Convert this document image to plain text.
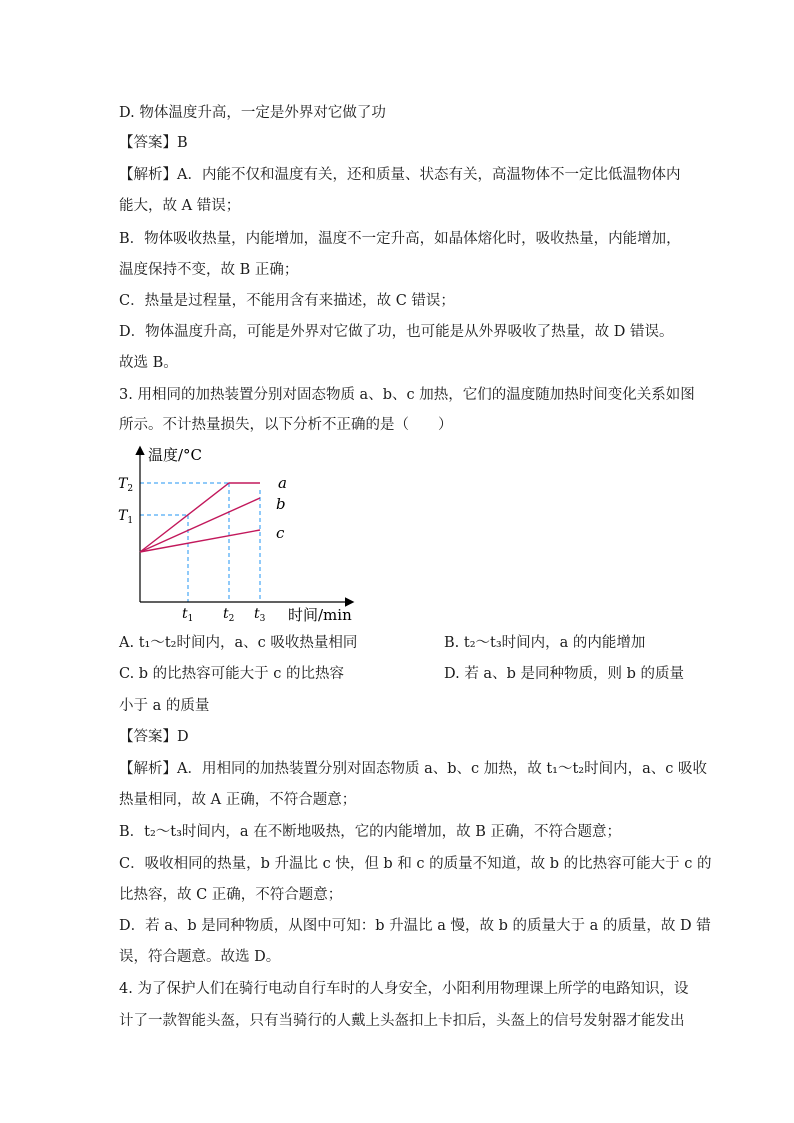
D. 物体温度升高，一定是外界对它做了功
【答案】B
【解析】A．内能不仅和温度有关，还和质量、状态有关，高温物体不一定比低温物体内
能大，故 A 错误；
B．物体吸收热量，内能增加，温度不一定升高，如晶体熔化时，吸收热量，内能增加，
温度保持不变，故 B 正确；
C．热量是过程量，不能用含有来描述，故 C 错误；
D．物体温度升高，可能是外界对它做了功，也可能是从外界吸收了热量，故 D 错误。
故选 B。
3. 用相同的加热装置分别对固态物质 a、b、c 加热，它们的温度随加热时间变化关系如图
所示。不计热量损失，以下分析不正确的是（　　）
a
b
c
温度/°C
时间/min
$t_1$ $t_2$ $t_3$
$T_1$
$T_2$
A. t₁～t₂时间内，a、c 吸收热量相同	B. t₂～t₃时间内，a 的内能增加
C. b 的比热容可能大于 c 的比热容	D. 若 a、b 是同种物质，则 b 的质量
小于 a 的质量
【答案】D
【解析】A．用相同的加热装置分别对固态物质 a、b、c 加热，故 t₁～t₂时间内，a、c 吸收
热量相同，故 A 正确，不符合题意；
B．t₂～t₃时间内，a 在不断地吸热，它的内能增加，故 B 正确，不符合题意；
C．吸收相同的热量，b 升温比 c 快，但 b 和 c 的质量不知道，故 b 的比热容可能大于 c 的
比热容，故 C 正确，不符合题意；
D．若 a、b 是同种物质，从图中可知：b 升温比 a 慢，故 b 的质量大于 a 的质量，故 D 错
误，符合题意。故选 D。
4. 为了保护人们在骑行电动自行车时的人身安全，小阳利用物理课上所学的电路知识，设
计了一款智能头盔，只有当骑行的人戴上头盔扣上卡扣后，头盔上的信号发射器才能发出
